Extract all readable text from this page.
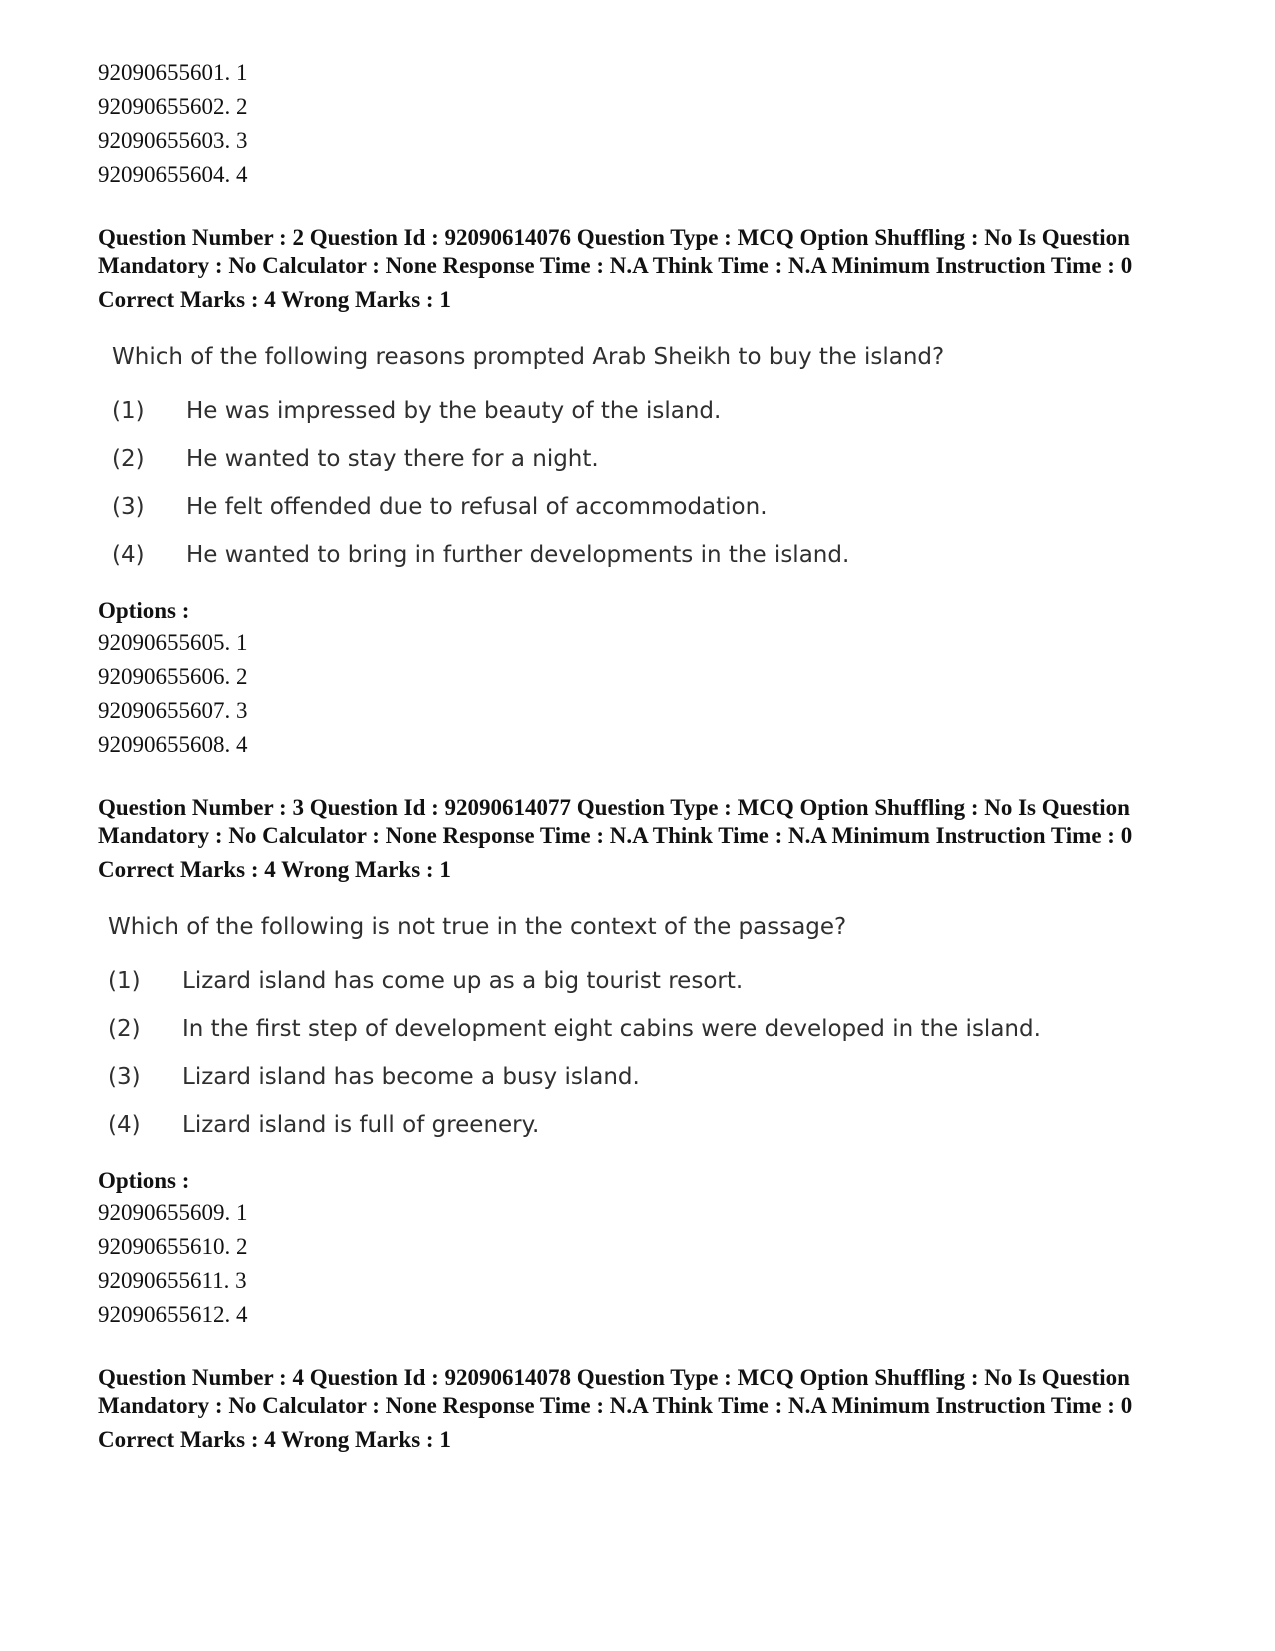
92090655601. 1
92090655602. 2
92090655603. 3
92090655604. 4
Question Number : 2 Question Id : 92090614076 Question Type : MCQ Option Shuffling : No Is Question Mandatory : No Calculator : None Response Time : N.A Think Time : N.A Minimum Instruction Time : 0
Correct Marks : 4 Wrong Marks : 1
Which of the following reasons prompted Arab Sheikh to buy the island?
(1)	He was impressed by the beauty of the island.
(2)	He wanted to stay there for a night.
(3)	He felt offended due to refusal of accommodation.
(4)	He wanted to bring in further developments in the island.
Options :
92090655605. 1
92090655606. 2
92090655607. 3
92090655608. 4
Question Number : 3 Question Id : 92090614077 Question Type : MCQ Option Shuffling : No Is Question Mandatory : No Calculator : None Response Time : N.A Think Time : N.A Minimum Instruction Time : 0
Correct Marks : 4 Wrong Marks : 1
Which of the following is not true in the context of the passage?
(1)	Lizard island has come up as a big tourist resort.
(2)	In the first step of development eight cabins were developed in the island.
(3)	Lizard island has become a busy island.
(4)	Lizard island is full of greenery.
Options :
92090655609. 1
92090655610. 2
92090655611. 3
92090655612. 4
Question Number : 4 Question Id : 92090614078 Question Type : MCQ Option Shuffling : No Is Question Mandatory : No Calculator : None Response Time : N.A Think Time : N.A Minimum Instruction Time : 0
Correct Marks : 4 Wrong Marks : 1
